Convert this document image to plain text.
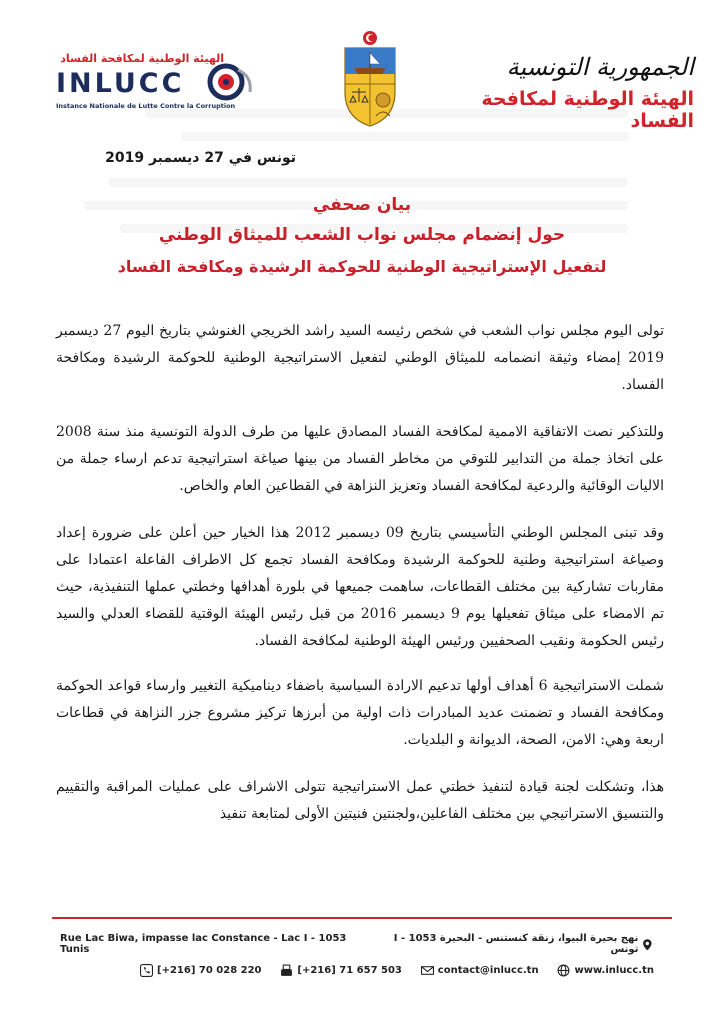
الجمهورية التونسية
الهيئة الوطنية لمكافحة الفساد
الهيئة الوطنية لمكافحة الفساد
INLUCC
Instance Nationale de Lutte Contre la Corruption
تونس في 27 ديسمبر 2019
بيان صحفي
حول إنضمام مجلس نواب الشعب للميثاق الوطني
لتفعيل الإستراتيجية الوطنية للحوكمة الرشيدة ومكافحة الفساد

تولى اليوم مجلس نواب الشعب في شخص رئيسه السيد راشد الخريجي الغنوشي بتاريخ اليوم 27 ديسمبر 2019 إمضاء وثيقة انضمامه للميثاق الوطني لتفعيل الاستراتيجية الوطنية للحوكمة الرشيدة ومكافحة الفساد.

وللتذكير نصت الاتفاقية الاممية لمكافحة الفساد المصادق عليها من طرف الدولة التونسية منذ سنة 2008 على اتخاذ جملة من التدابير للتوقي من مخاطر الفساد من بينها صياغة استراتيجية تدعم ارساء جملة من الاليات الوقائية والردعية لمكافحة الفساد وتعزيز النزاهة في القطاعين العام والخاص.

وقد تبنى المجلس الوطني التأسيسي بتاريخ 09 ديسمبر 2012 هذا الخيار حين أعلن على ضرورة إعداد وصياغة استراتيجية وطنية للحوكمة الرشيدة ومكافحة الفساد تجمع كل الاطراف الفاعلة اعتمادا على مقاربات تشاركية بين مختلف القطاعات، ساهمت جميعها في بلورة أهدافها وخطتي عملها التنفيذية، حيث تم الامضاء على ميثاق تفعيلها يوم 9 ديسمبر 2016 من قبل رئيس الهيئة الوقتية للقضاء العدلي والسيد رئيس الحكومة ونقيب الصحفيين ورئيس الهيئة الوطنية لمكافحة الفساد.

شملت الاستراتيجية 6 أهداف أولها تدعيم الارادة السياسية باضفاء ديناميكية التغيير وارساء قواعد الحوكمة ومكافحة الفساد و تضمنت عديد المبادرات ذات اولية من أبرزها تركيز مشروع جزر النزاهة في قطاعات اربعة وهي: الامن، الصحة، الديوانة و البلديات.

هذا، وتشكلت لجنة قيادة لتنفيذ خطتي عمل الاستراتيجية تتولى الاشراف على عمليات المراقبة والتقييم والتنسيق الاستراتيجي بين مختلف الفاعلين،ولجنتين فنيتين الأولى لمتابعة تنفيذ

Rue Lac Biwa, impasse lac Constance - Lac I - 1053 Tunis
نهج بحيرة البيوا، زنقة كنستنس - البحيرة I - 1053 تونس
[+216] 70 028 220	[+216] 71 657 503	contact@inlucc.tn	www.inlucc.tn
